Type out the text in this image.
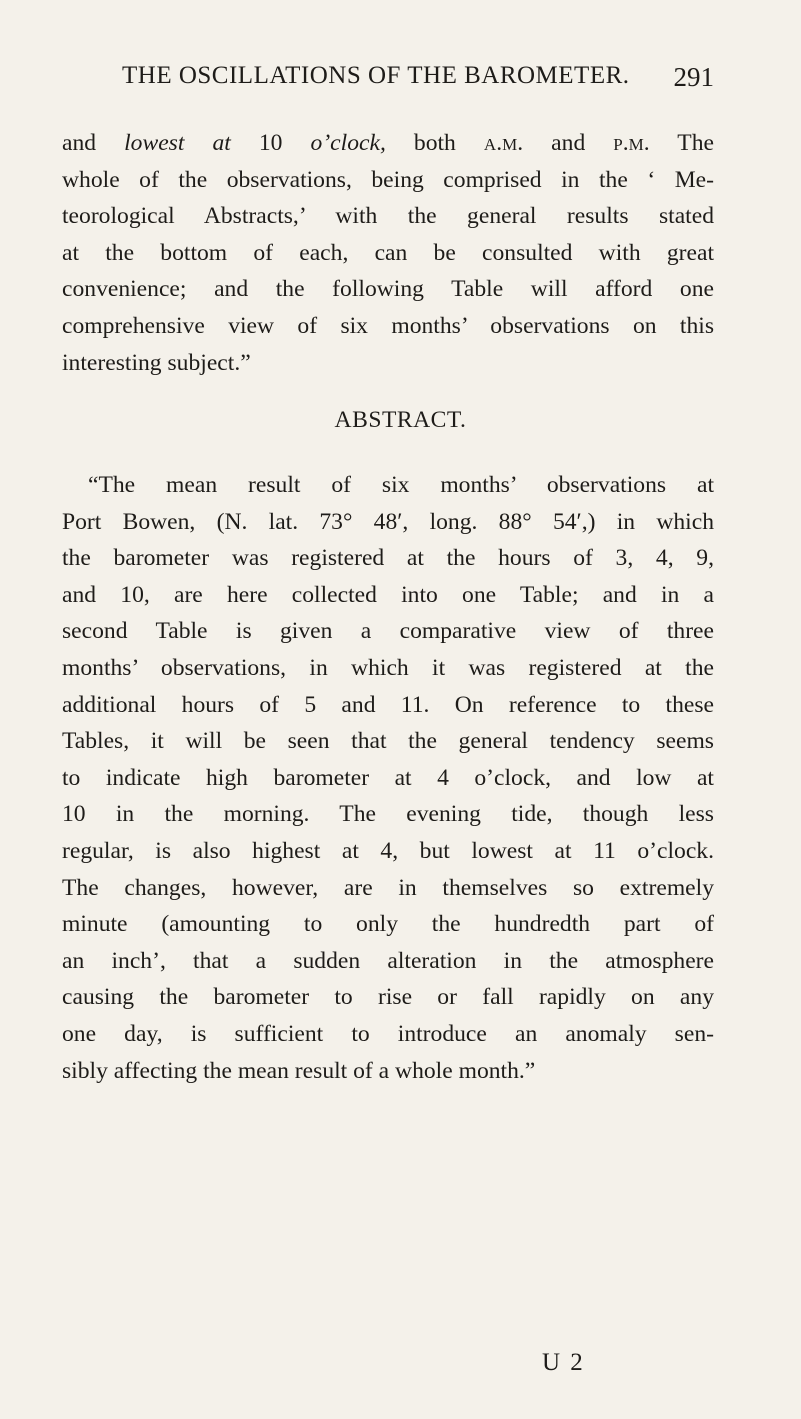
THE OSCILLATIONS OF THE BAROMETER. 291
and lowest at 10 o’clock, both a.m. and p.m. The
whole of the observations, being comprised in the ‘ Me-
teorological Abstracts,’ with the general results stated
at the bottom of each, can be consulted with great
convenience; and the following Table will afford one
comprehensive view of six months’ observations on this
interesting subject.”
ABSTRACT.
“The mean result of six months’ observations at
Port Bowen, (N. lat. 73° 48′, long. 88° 54′,) in which
the barometer was registered at the hours of 3, 4, 9,
and 10, are here collected into one Table; and in a
second Table is given a comparative view of three
months’ observations, in which it was registered at the
additional hours of 5 and 11. On reference to these
Tables, it will be seen that the general tendency seems
to indicate high barometer at 4 o’clock, and low at
10 in the morning. The evening tide, though less
regular, is also highest at 4, but lowest at 11 o’clock.
The changes, however, are in themselves so extremely
minute (amounting to only the hundredth part of
an inch’, that a sudden alteration in the atmosphere
causing the barometer to rise or fall rapidly on any
one day, is sufficient to introduce an anomaly sen-
sibly affecting the mean result of a whole month.”
U 2
